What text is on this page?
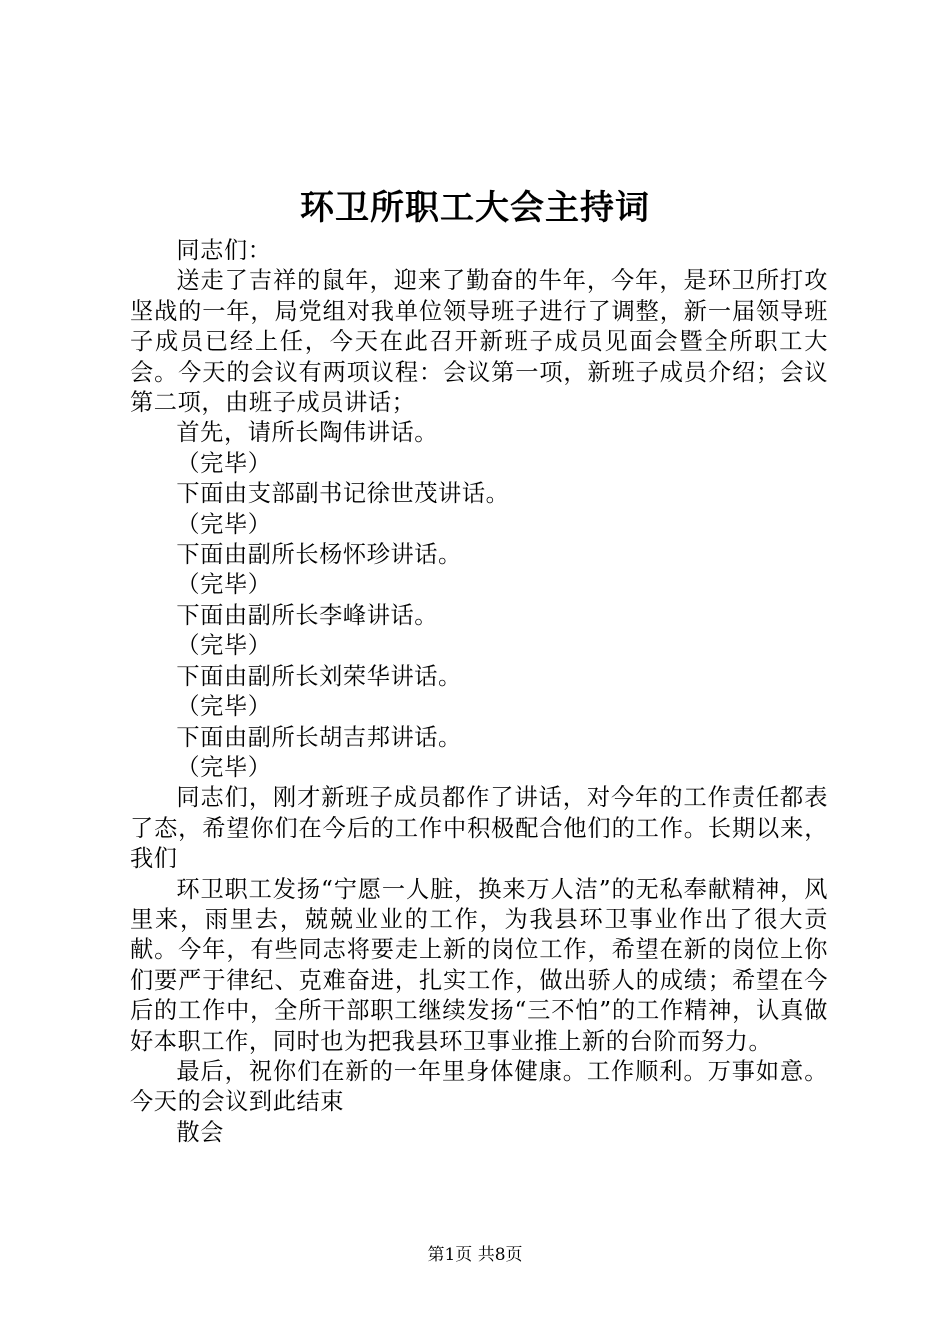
环卫所职工大会主持词

同志们：

送走了吉祥的鼠年，迎来了勤奋的牛年，今年，是环卫所打攻坚战的一年，局党组对我单位领导班子进行了调整，新一届领导班子成员已经上任，今天在此召开新班子成员见面会暨全所职工大会。今天的会议有两项议程：会议第一项，新班子成员介绍；会议第二项，由班子成员讲话；

首先，请所长陶伟讲话。

（完毕）

下面由支部副书记徐世茂讲话。

（完毕）

下面由副所长杨怀珍讲话。

（完毕）

下面由副所长李峰讲话。

（完毕）

下面由副所长刘荣华讲话。

（完毕）

下面由副所长胡吉邦讲话。

（完毕）

同志们，刚才新班子成员都作了讲话，对今年的工作责任都表了态，希望你们在今后的工作中积极配合他们的工作。长期以来，我们

环卫职工发扬“宁愿一人脏，换来万人洁”的无私奉献精神，风里来，雨里去，兢兢业业的工作，为我县环卫事业作出了很大贡献。今年，有些同志将要走上新的岗位工作，希望在新的岗位上你们要严于律纪、克难奋进，扎实工作，做出骄人的成绩；希望在今后的工作中，全所干部职工继续发扬“三不怕”的工作精神，认真做好本职工作，同时也为把我县环卫事业推上新的台阶而努力。

最后，祝你们在新的一年里身体健康。工作顺利。万事如意。今天的会议到此结束

散会

第1页 共8页
